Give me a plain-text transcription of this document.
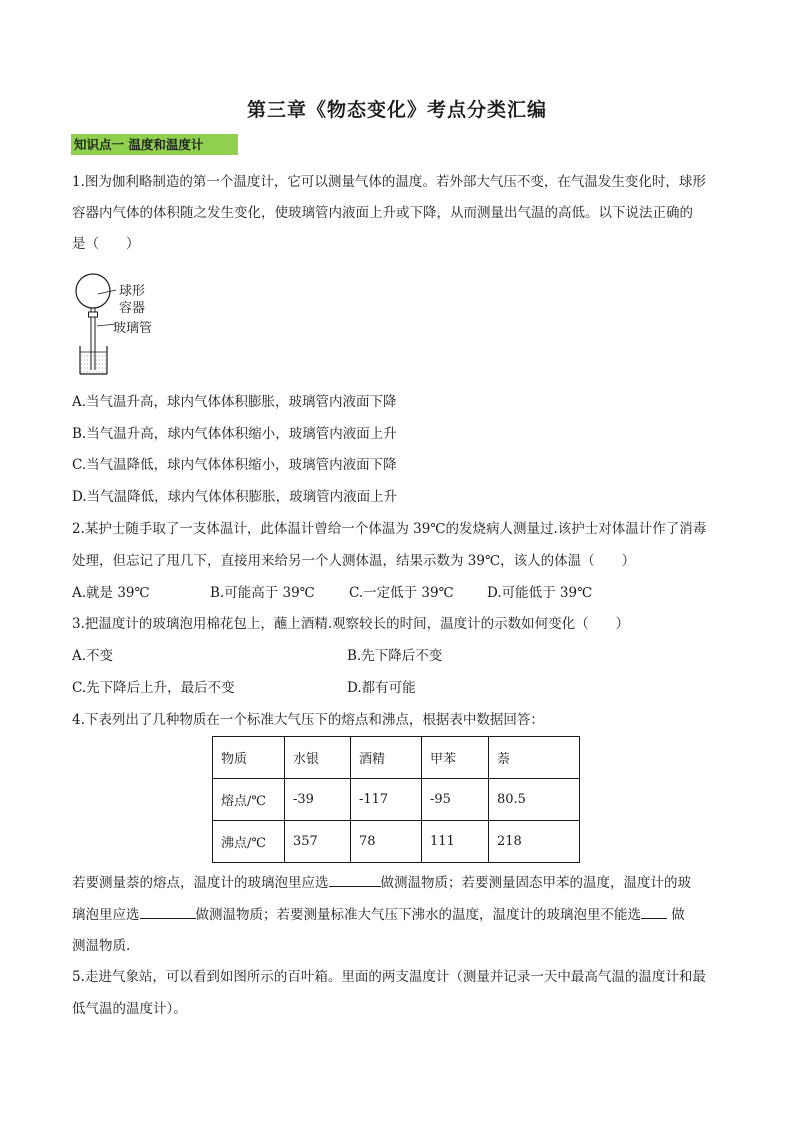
第三章《物态变化》考点分类汇编
知识点一 温度和温度计
1.图为伽利略制造的第一个温度计，它可以测量气体的温度。若外部大气压不变，在气温发生变化时，球形
容器内气体的体积随之发生变化，使玻璃管内液面上升或下降，从而测量出气温的高低。以下说法正确的
是（　　）
球形
容器
玻璃管
A.当气温升高，球内气体体积膨胀，玻璃管内液面下降
B.当气温升高，球内气体体积缩小，玻璃管内液面上升
C.当气温降低，球内气体体积缩小，玻璃管内液面下降
D.当气温降低，球内气体体积膨胀，玻璃管内液面上升
2.某护士随手取了一支体温计，此体温计曾给一个体温为 39℃的发烧病人测量过.该护士对体温计作了消毒
处理，但忘记了甩几下，直接用来给另一个人测体温，结果示数为 39℃，该人的体温（　　）
A.就是 39℃	B.可能高于 39℃	C.一定低于 39℃ D.可能低于 39℃
3.把温度计的玻璃泡用棉花包上，蘸上酒精.观察较长的时间，温度计的示数如何变化（　　）
A.不变	B.先下降后不变
C.先下降后上升，最后不变	D.都有可能
4.下表列出了几种物质在一个标准大气压下的熔点和沸点，根据表中数据回答：
物质	水银	酒精	甲苯	萘
熔点/℃	-39	-117	-95	80.5
沸点/℃	357	78	111	218
若要测量萘的熔点，温度计的玻璃泡里应选	做测温物质；若要测量固态甲苯的温度，温度计的玻
璃泡里应选	做测温物质；若要测量标准大气压下沸水的温度，温度计的玻璃泡里不能选 做
测温物质.
5.走进气象站，可以看到如图所示的百叶箱。里面的两支温度计（测量并记录一天中最高气温的温度计和最
低气温的温度计）。
